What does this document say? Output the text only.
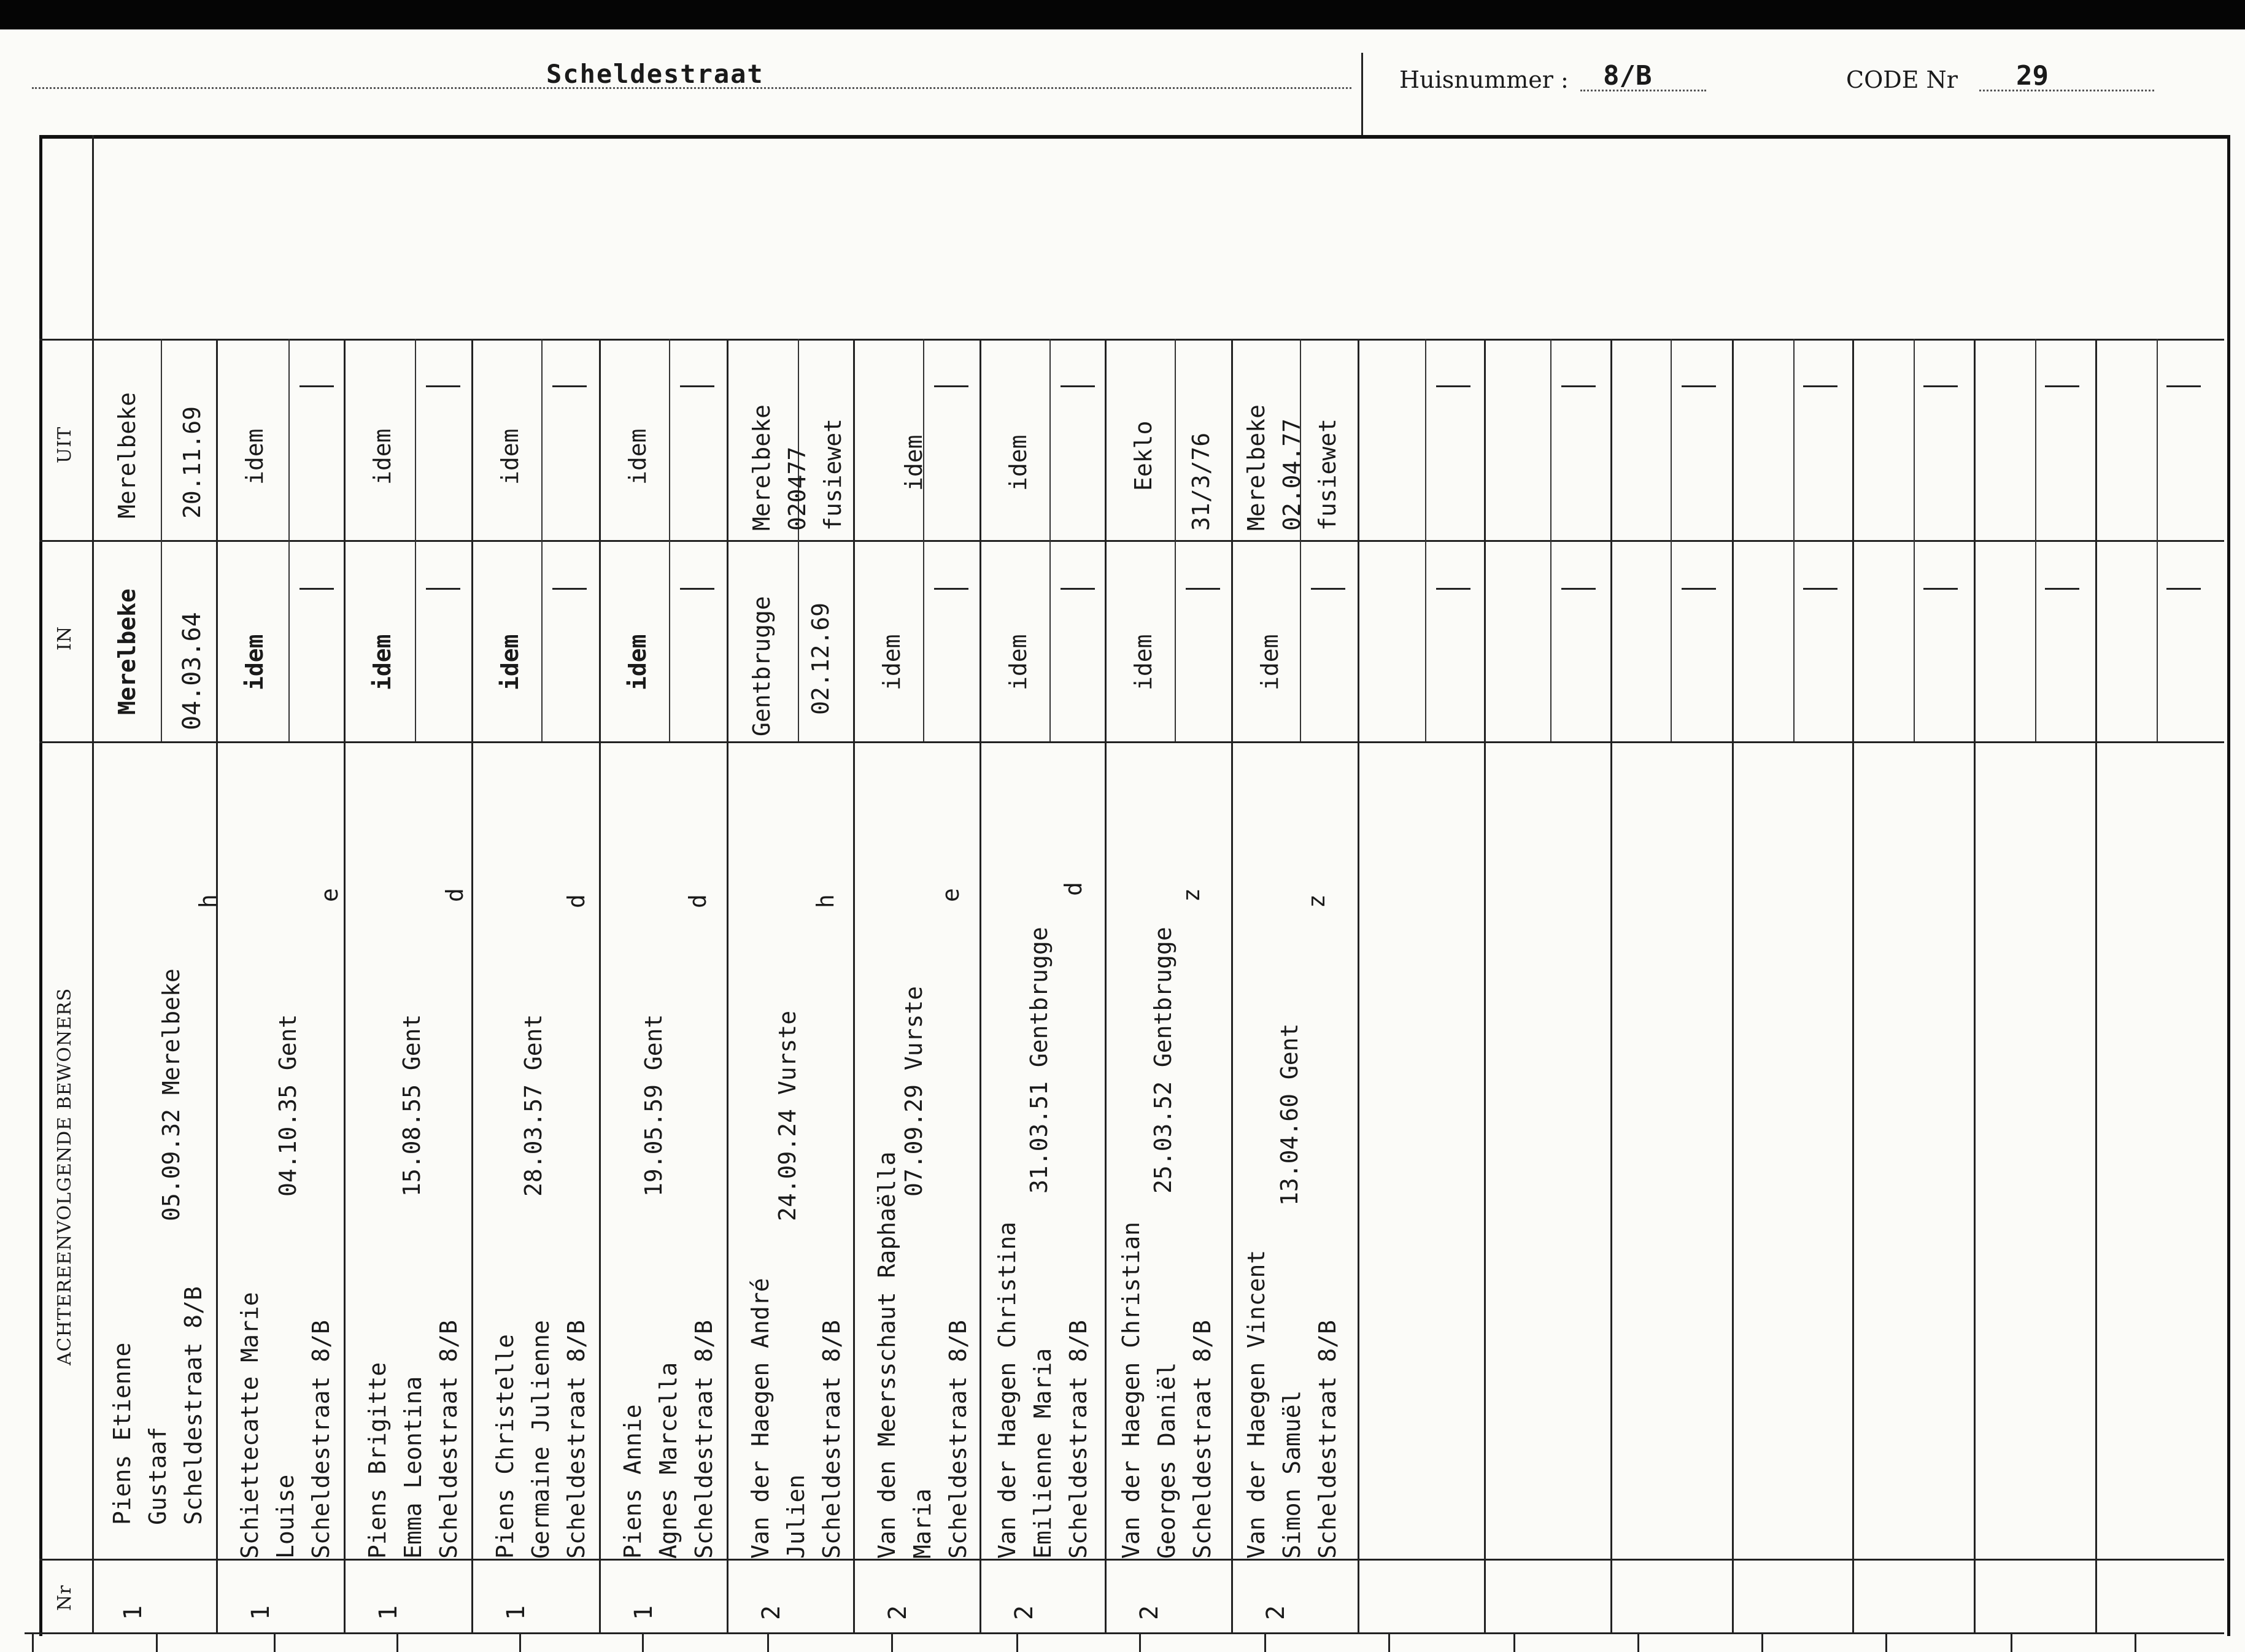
Scheldestraat	Huisnummer : 8/B	CODE Nr 29
UIT
IN
ACHTEREENVOLGENDE BEWONERS
Nr
1
Piens Etienne Gustaaf Scheldestraat 8/B
05.09.32 Merelbeke
h
Merelbeke 04.03.64
Merelbeke 20.11.69
1
Schiettecatte Marie Louise Scheldestraat 8/B
04.10.35 Gent
e
idem
idem
1
Piens Brigitte Emma Leontina Scheldestraat 8/B
15.08.55 Gent
d
idem
idem
1
Piens Christelle Germaine Julienne Scheldestraat 8/B
28.03.57 Gent
d
idem
idem
1
Piens Annie Agnes Marcella Scheldestraat 8/B
19.05.59 Gent
d
idem
idem
2
Van der Haegen André Julien Scheldestraat 8/B
24.09.24 Vurste
h
Gentbrugge 02.12.69
Merelbeke 020477 fusiewet
2
Van den Meersschaut Raphaëlla Maria Scheldestraat 8/B
07.09.29 Vurste
e
idem
idem
2
Van der Haegen Christina Emilienne Maria Scheldestraat 8/B
31.03.51 Gentbrugge
d
idem
idem
2
Van der Haegen Christian Georges Daniël Scheldestraat 8/B
25.03.52 Gentbrugge
z
idem
Eeklo 31/3/76
2
Van der Haegen Vincent Simon Samuël Scheldestraat 8/B
13.04.60 Gent
z
idem
Merelbeke 02.04.77 fusiewet
